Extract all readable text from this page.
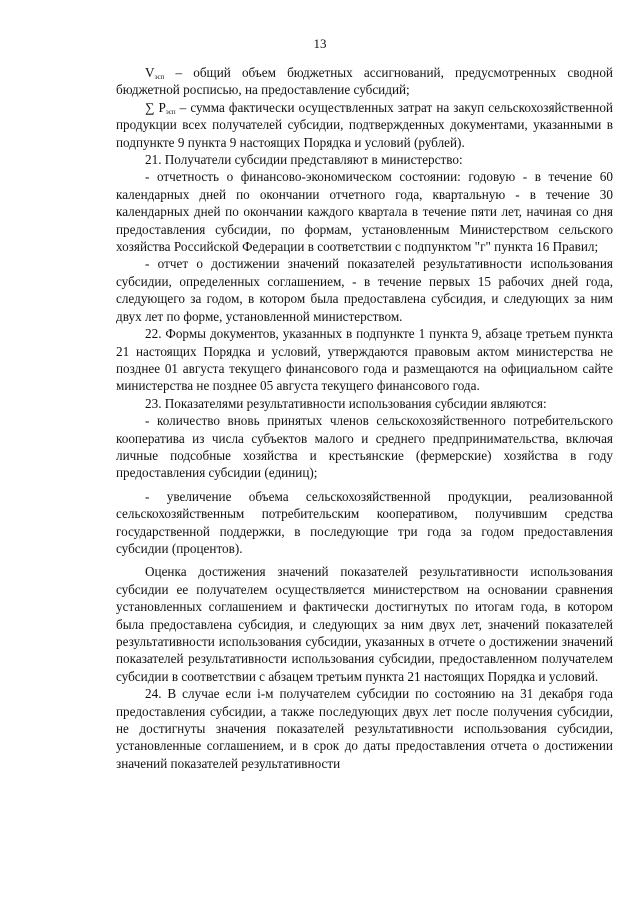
13

$V_{эсп}$ – общий объем бюджетных ассигнований, предусмотренных сводной бюджетной росписью, на предоставление субсидий;

∑ $P_{эсп}$ – сумма фактически осуществленных затрат на закуп сельскохозяйственной продукции всех получателей субсидии, подтвержденных документами, указанными в подпункте 9 пункта 9 настоящих Порядка и условий (рублей).

21. Получатели субсидии представляют в министерство:

- отчетность о финансово-экономическом состоянии: годовую - в течение 60 календарных дней по окончании отчетного года, квартальную - в течение 30 календарных дней по окончании каждого квартала в течение пяти лет, начиная со дня предоставления субсидии, по формам, установленным Министерством сельского хозяйства Российской Федерации в соответствии с подпунктом "г" пункта 16 Правил;

- отчет о достижении значений показателей результативности использования субсидии, определенных соглашением, - в течение первых 15 рабочих дней года, следующего за годом, в котором была предоставлена субсидия, и следующих за ним двух лет по форме, установленной министерством.

22. Формы документов, указанных в подпункте 1 пункта 9, абзаце третьем пункта 21 настоящих Порядка и условий, утверждаются правовым актом министерства не позднее 01 августа текущего финансового года и размещаются на официальном сайте министерства не позднее 05 августа текущего финансового года.

23. Показателями результативности использования субсидии являются:

- количество вновь принятых членов сельскохозяйственного потребительского кооператива из числа субъектов малого и среднего предпринимательства, включая личные подсобные хозяйства и крестьянские (фермерские) хозяйства в году предоставления субсидии (единиц);

- увеличение объема сельскохозяйственной продукции, реализованной сельскохозяйственным потребительским кооперативом, получившим средства государственной поддержки, в последующие три года за годом предоставления субсидии (процентов).

Оценка достижения значений показателей результативности использования субсидии ее получателем осуществляется министерством на основании сравнения установленных соглашением и фактически достигнутых по итогам года, в котором была предоставлена субсидия, и следующих за ним двух лет, значений показателей результативности использования субсидии, указанных в отчете о достижении значений показателей результативности использования субсидии, предоставленном получателем субсидии в соответствии с абзацем третьим пункта 21 настоящих Порядка и условий.

24. В случае если i-м получателем субсидии по состоянию на 31 декабря года предоставления субсидии, а также последующих двух лет после получения субсидии, не достигнуты значения показателей результативности использования субсидии, установленные соглашением, и в срок до даты предоставления отчета о достижении значений показателей результативности
